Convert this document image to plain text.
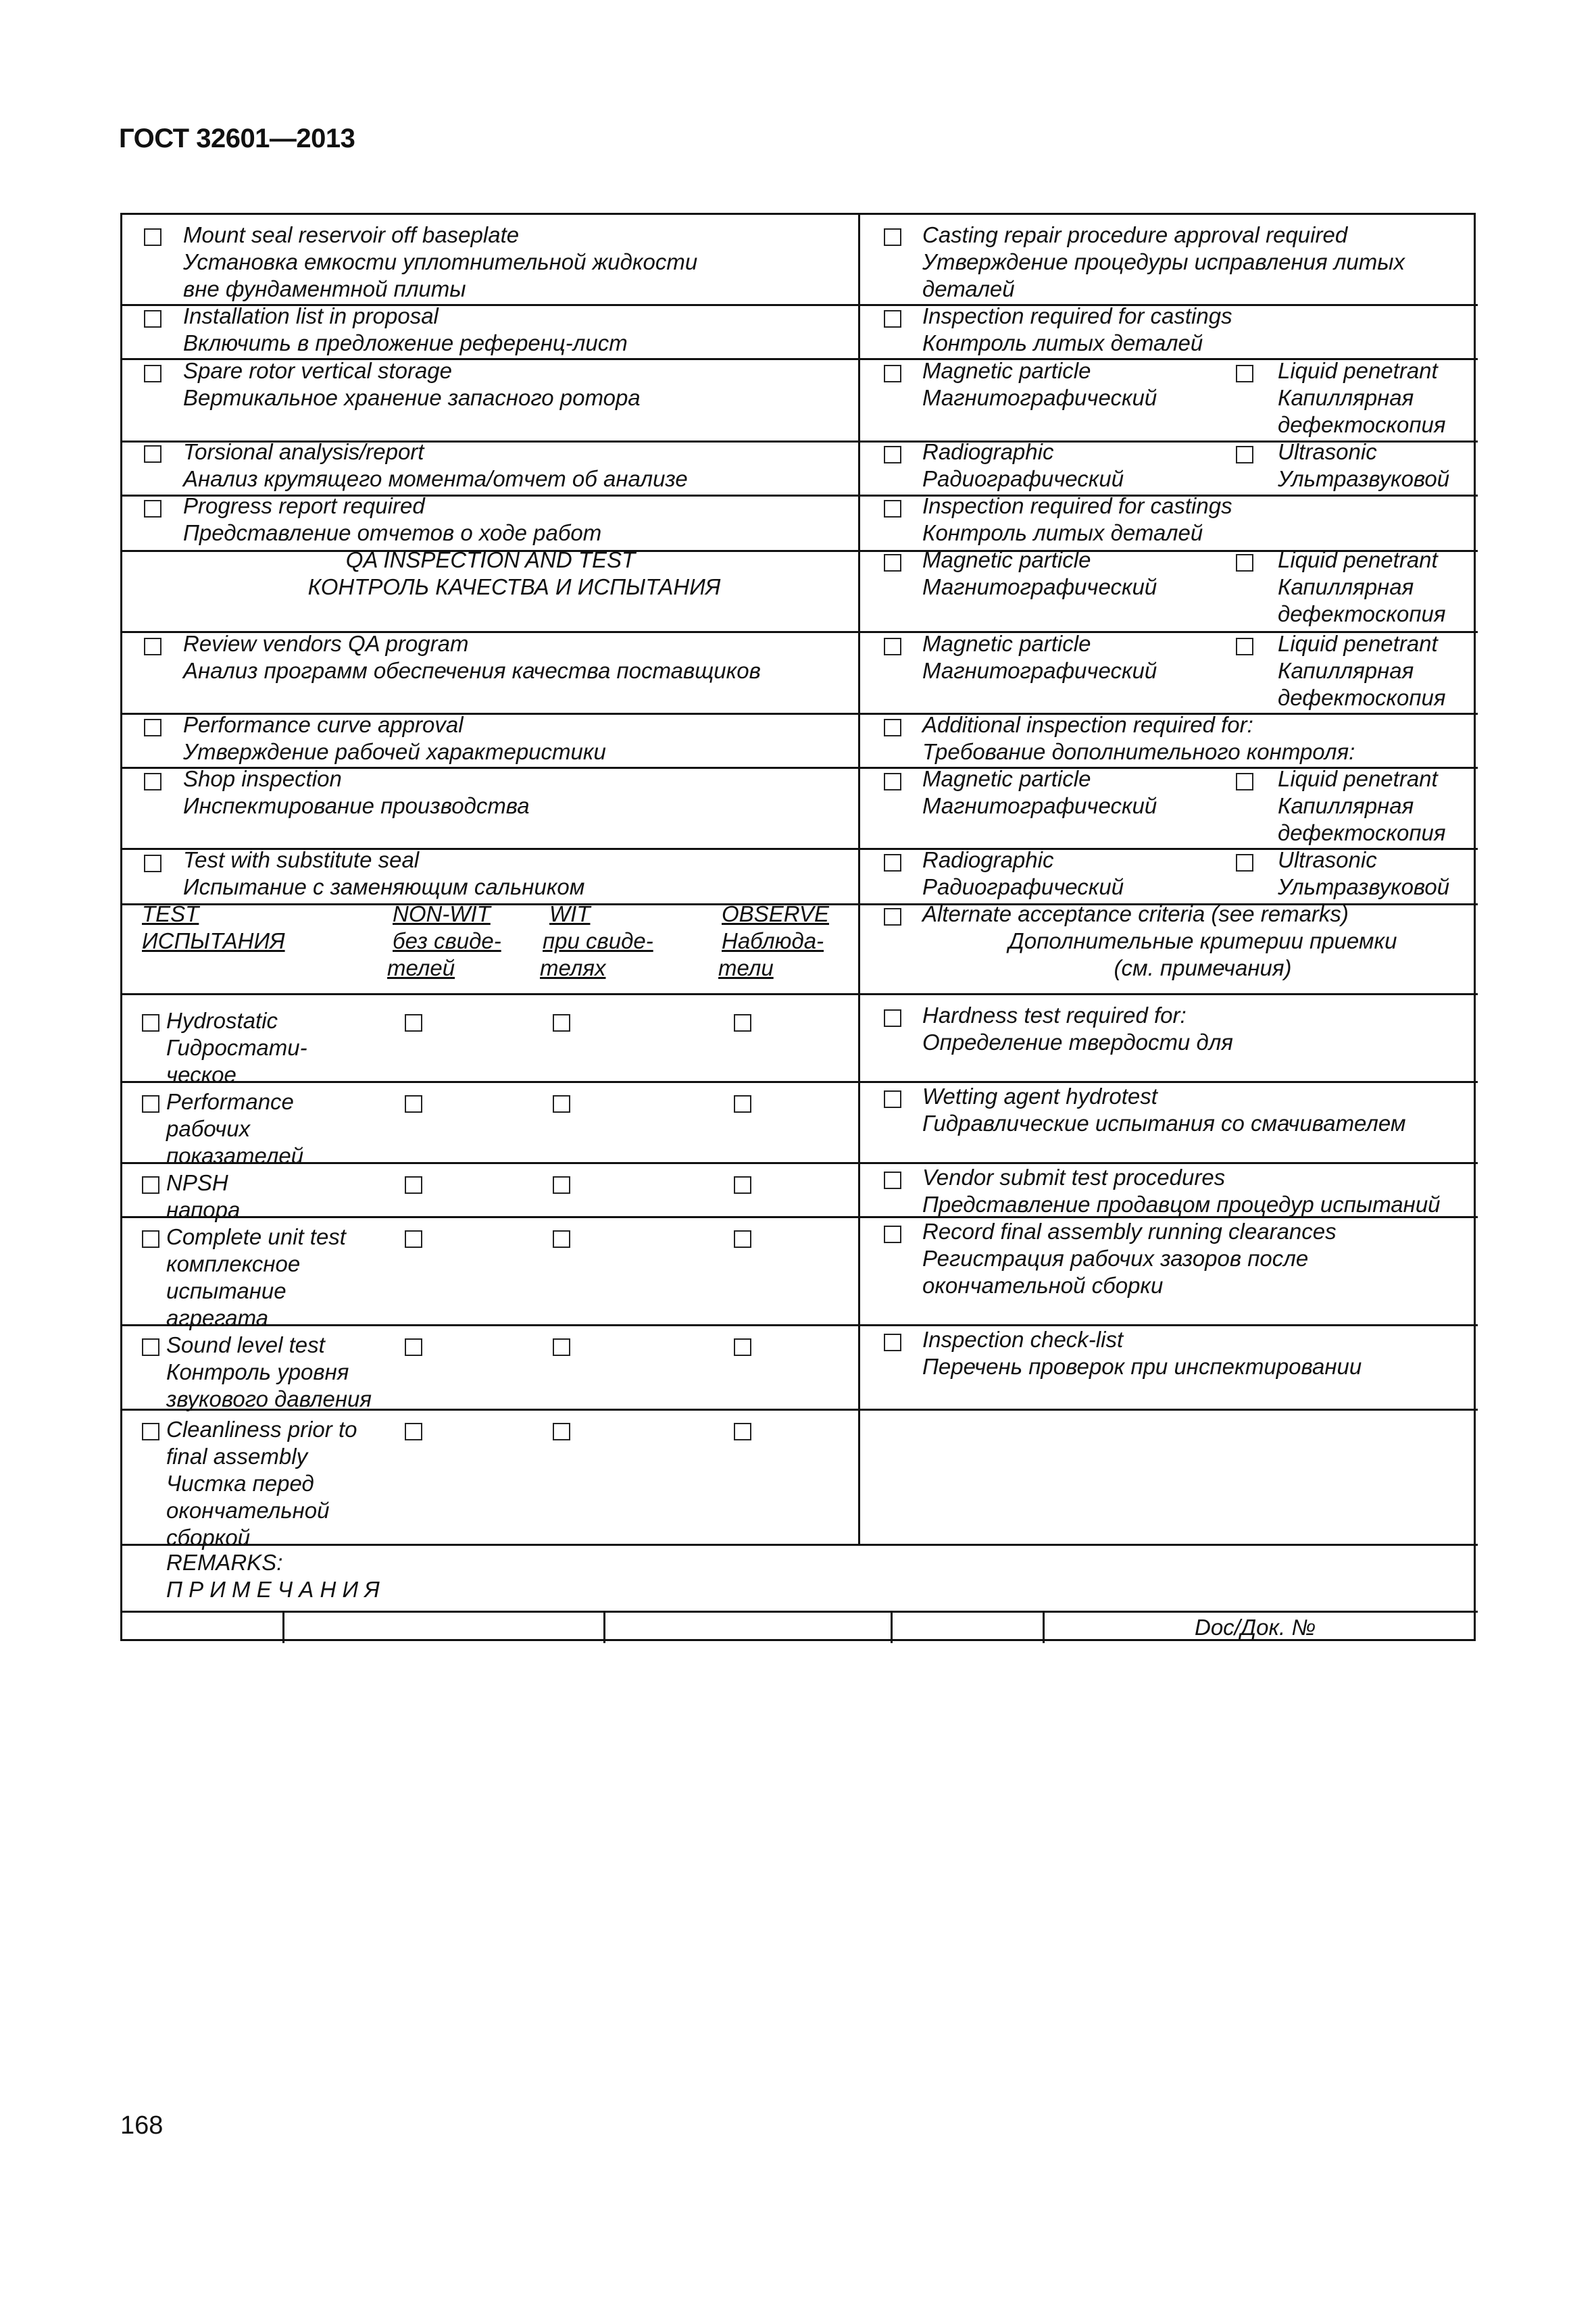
ГОСТ 32601—2013
Mount seal reservoir off baseplate
Установка емкости уплотнительной жидкости
вне фундаментной плиты
Installation list in proposal
Включить в предложение референц-лист
Spare rotor vertical storage
Вертикальное хранение запасного ротора
Torsional analysis/report
Анализ крутящего момента/отчет об анализе
Progress report required
Представление отчетов о ходе работ
QA INSPECTION AND TEST
КОНТРОЛЬ КАЧЕСТВА И ИСПЫТАНИЯ
Review vendors QA program
Анализ программ обеспечения качества поставщиков
Performance curve approval
Утверждение рабочей характеристики
Shop inspection
Инспектирование производства
Test with substitute seal
Испытание с заменяющим сальником
TEST
ИСПЫТАНИЯ
NON-WIT
без свиде-
телей
WIT
при свиде-
телях
OBSERVE
Наблюда-
тели
Hydrostatic
Гидростати-
ческое
Performance
рабочих
показателей
NPSH
напора
Complete unit test
комплексное
испытание
агрегата
Sound level test
Контроль уровня
звукового давления
Cleanliness prior to
final assembly
Чистка перед
окончательной
сборкой
Casting repair procedure approval required
Утверждение процедуры исправления литых
деталей
Inspection required for castings
Контроль литых деталей
Magnetic particle
Магнитографический
Liquid penetrant
Капиллярная
дефектоскопия
Radiographic
Радиографический
Ultrasonic
Ультразвуковой
Inspection required for castings
Контроль литых деталей
Magnetic particle
Магнитографический
Liquid penetrant
Капиллярная
дефектоскопия
Magnetic particle
Магнитографический
Liquid penetrant
Капиллярная
дефектоскопия
Additional inspection required for:
Требование дополнительного контроля:
Magnetic particle
Магнитографический
Liquid penetrant
Капиллярная
дефектоскопия
Radiographic
Радиографический
Ultrasonic
Ультразвуковой
Alternate acceptance criteria (see remarks)
Дополнительные критерии приемки
(см. примечания)
Hardness test required for:
Определение твердости для
Wetting agent hydrotest
Гидравлические испытания со смачивателем
Vendor submit test procedures
Представление продавцом процедур испытаний
Record final assembly running clearances
Регистрация рабочих зазоров после
окончательной сборки
Inspection check-list
Перечень проверок при инспектировании
REMARKS:
П Р И М Е Ч А Н И Я
Doc/Док. №
168
